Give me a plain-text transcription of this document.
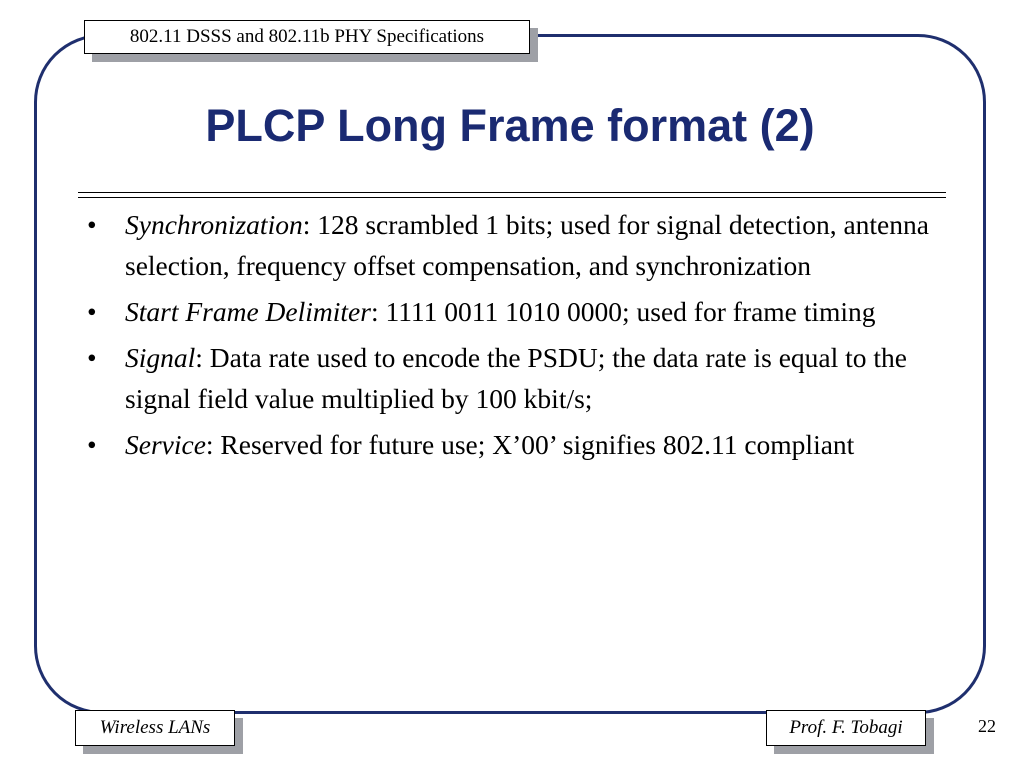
802.11 DSSS and 802.11b PHY Specifications
PLCP Long Frame format (2)
• Synchronization: 128 scrambled 1 bits; used for signal detection, antenna selection, frequency offset compensation, and synchronization
• Start Frame Delimiter: 1111 0011 1010 0000; used for frame timing
• Signal: Data rate used to encode the PSDU; the data rate is equal to the signal field value multiplied by 100 kbit/s;
• Service: Reserved for future use; X’00’ signifies 802.11 compliant
Wireless LANs	Prof. F. Tobagi	22
